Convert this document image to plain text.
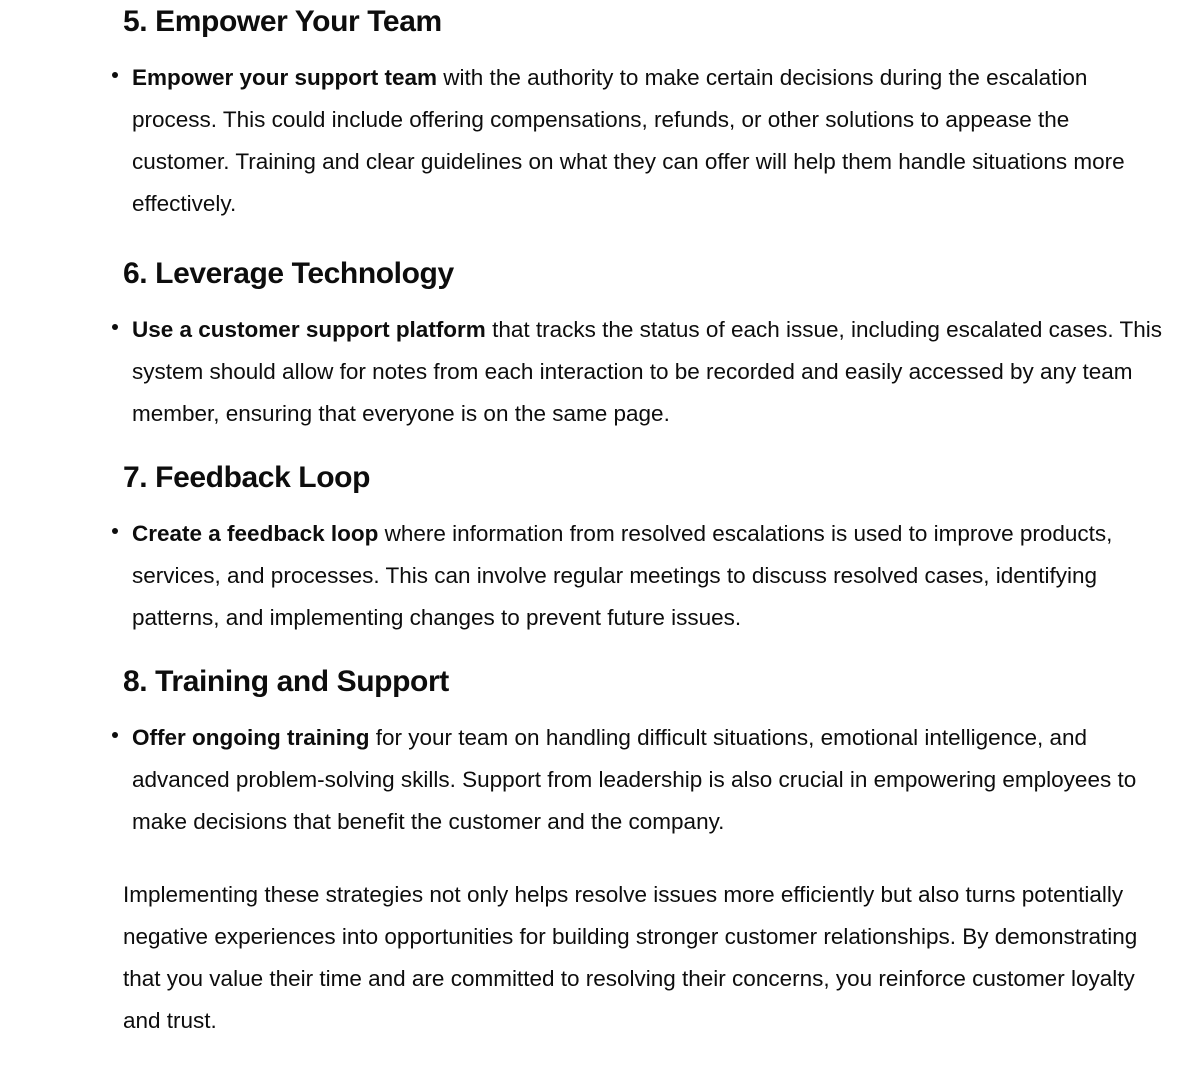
5. Empower Your Team
Empower your support team with the authority to make certain decisions during the escalation process. This could include offering compensations, refunds, or other solutions to appease the customer. Training and clear guidelines on what they can offer will help them handle situations more effectively.
6. Leverage Technology
Use a customer support platform that tracks the status of each issue, including escalated cases. This system should allow for notes from each interaction to be recorded and easily accessed by any team member, ensuring that everyone is on the same page.
7. Feedback Loop
Create a feedback loop where information from resolved escalations is used to improve products, services, and processes. This can involve regular meetings to discuss resolved cases, identifying patterns, and implementing changes to prevent future issues.
8. Training and Support
Offer ongoing training for your team on handling difficult situations, emotional intelligence, and advanced problem-solving skills. Support from leadership is also crucial in empowering employees to make decisions that benefit the customer and the company.

Implementing these strategies not only helps resolve issues more efficiently but also turns potentially negative experiences into opportunities for building stronger customer relationships. By demonstrating that you value their time and are committed to resolving their concerns, you reinforce customer loyalty and trust.
